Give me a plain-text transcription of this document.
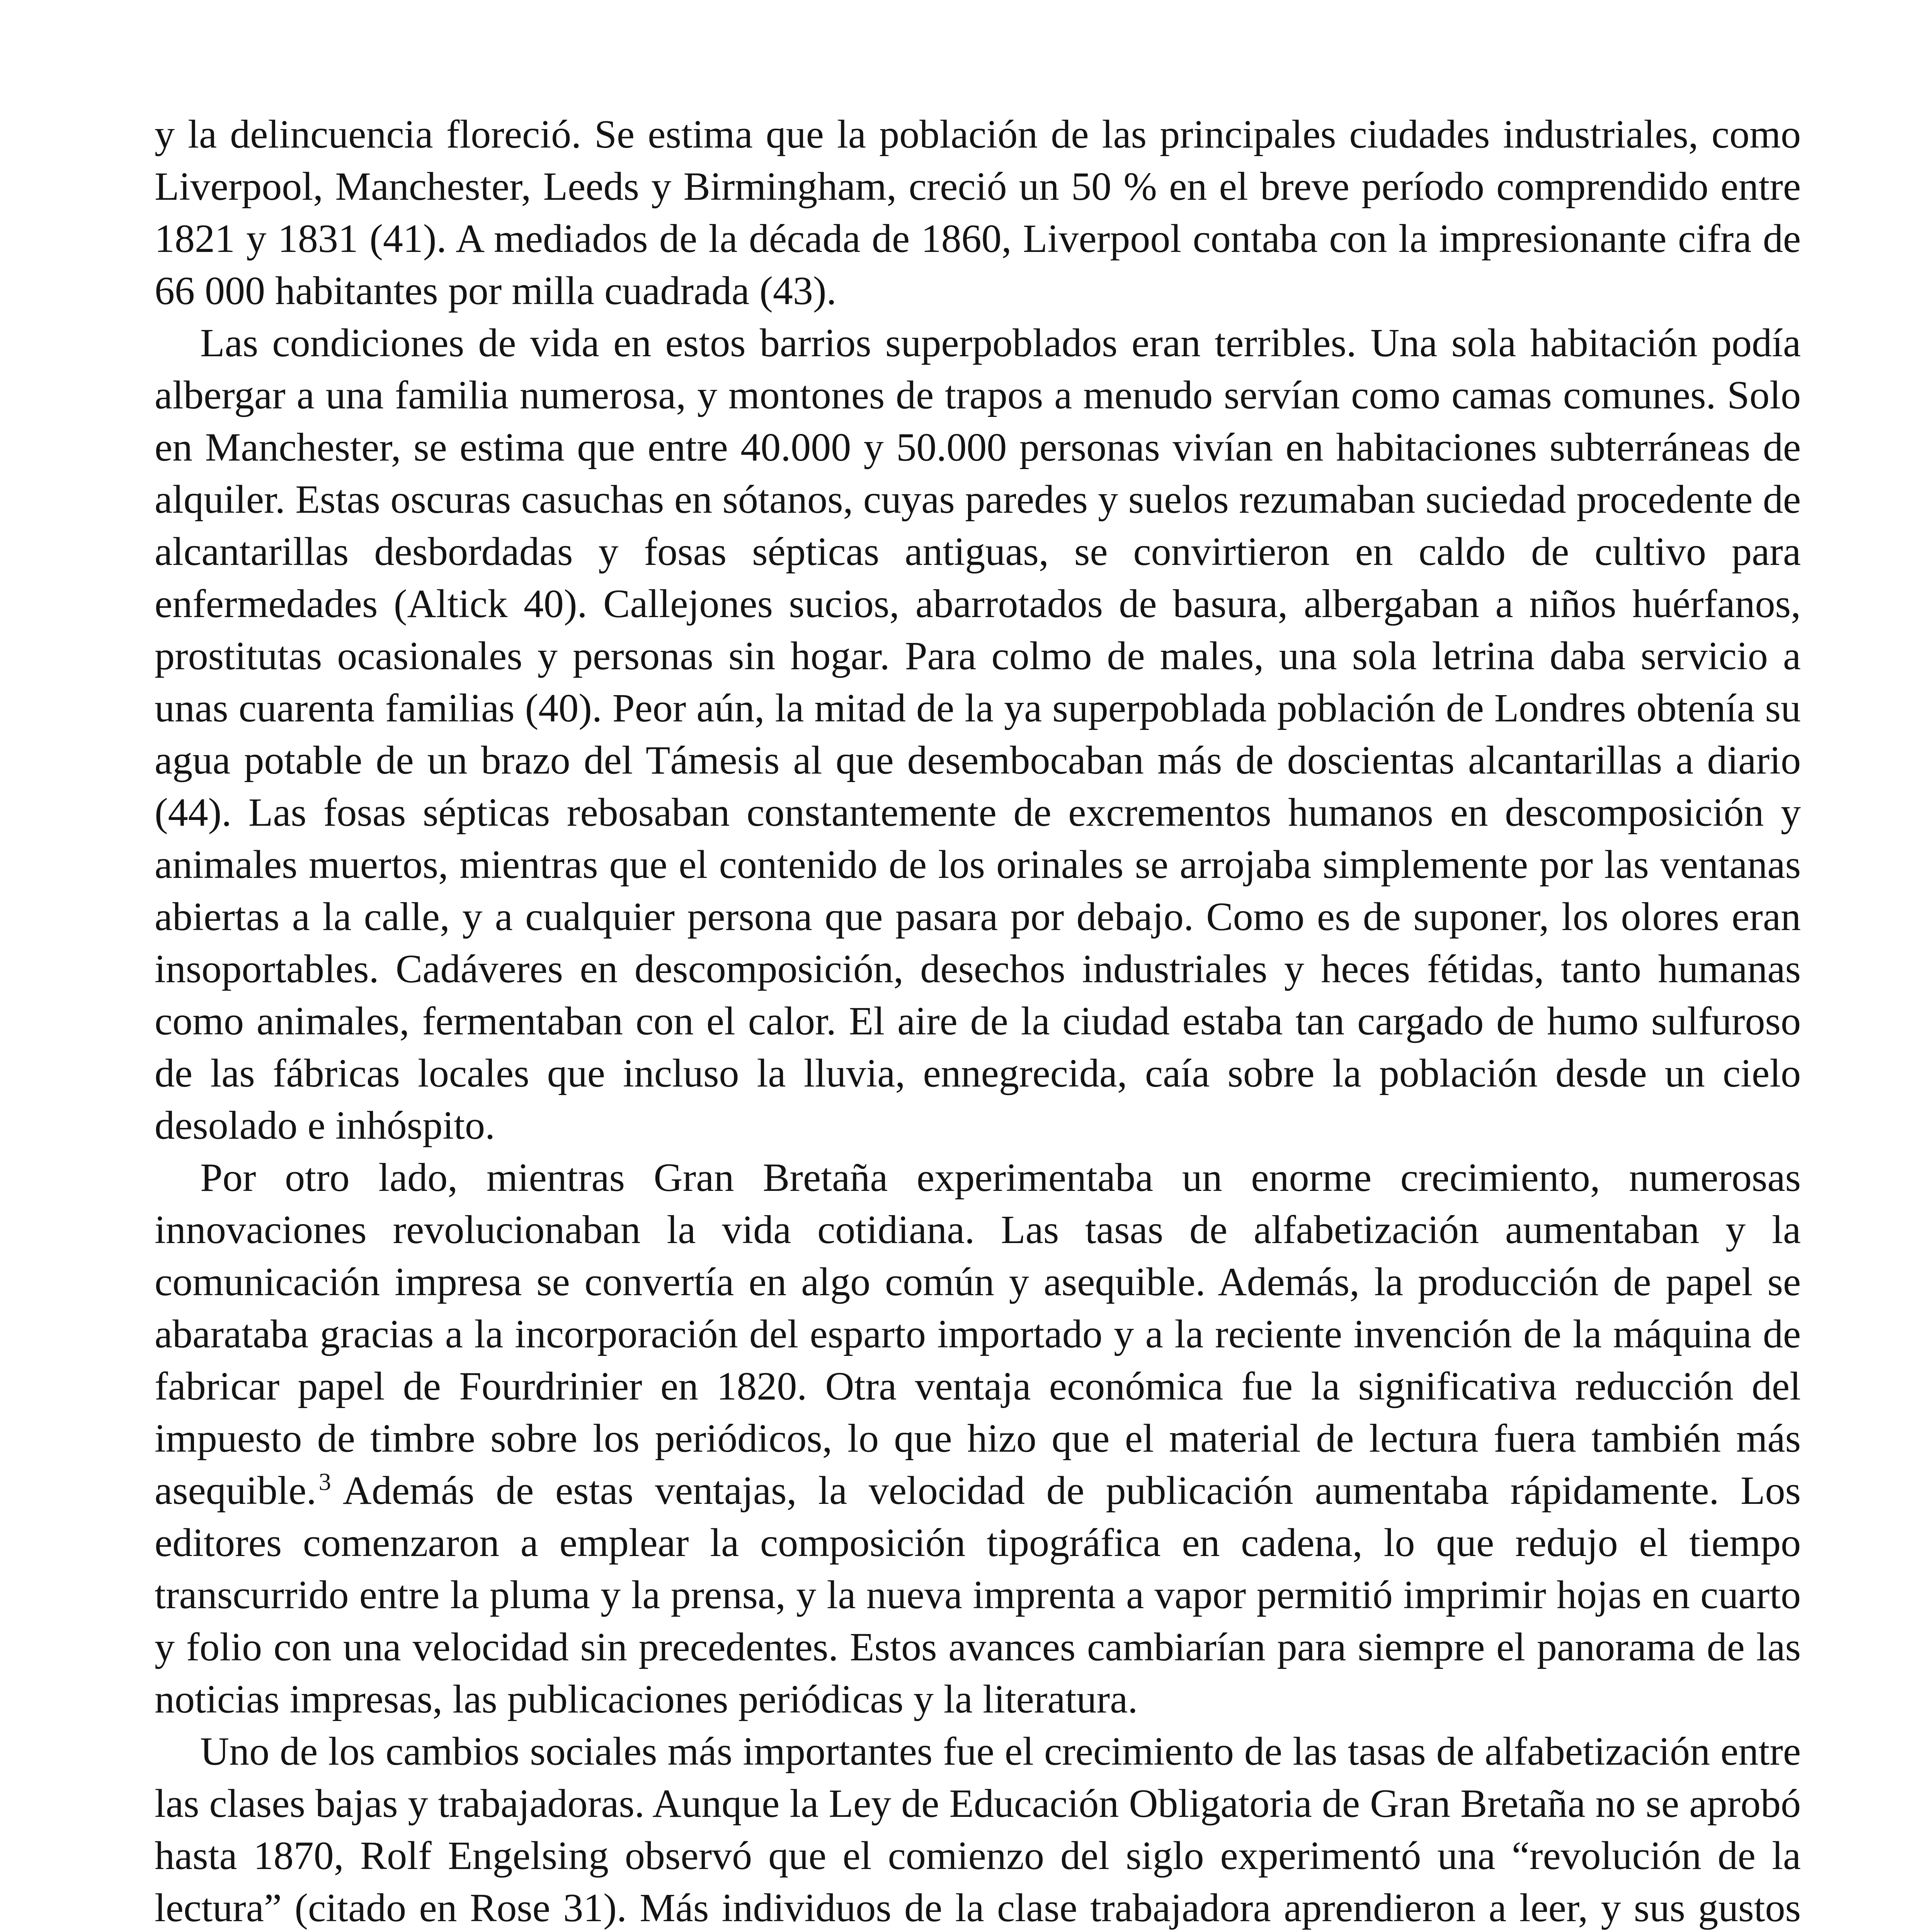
y la delincuencia floreció. Se estima que la población de las principales ciudades industriales, como Liverpool, Manchester, Leeds y Birmingham, creció un 50 % en el breve período comprendido entre 1821 y 1831 (41). A mediados de la década de 1860, Liverpool contaba con la impresionante cifra de 66 000 habitantes por milla cuadrada (43).

Las condiciones de vida en estos barrios superpoblados eran terribles. Una sola habitación podía albergar a una familia numerosa, y montones de trapos a menudo servían como camas comunes. Solo en Manchester, se estima que entre 40.000 y 50.000 personas vivían en habitaciones subterráneas de alquiler. Estas oscuras casuchas en sótanos, cuyas paredes y suelos rezumaban suciedad procedente de alcantarillas desbordadas y fosas sépticas antiguas, se convirtieron en caldo de cultivo para enfermedades (Altick 40). Callejones sucios, abarrotados de basura, albergaban a niños huérfanos, prostitutas ocasionales y personas sin hogar. Para colmo de males, una sola letrina daba servicio a unas cuarenta familias (40). Peor aún, la mitad de la ya superpoblada población de Londres obtenía su agua potable de un brazo del Támesis al que desembocaban más de doscientas alcantarillas a diario (44). Las fosas sépticas rebosaban constantemente de excrementos humanos en descomposición y animales muertos, mientras que el contenido de los orinales se arrojaba simplemente por las ventanas abiertas a la calle, y a cualquier persona que pasara por debajo. Como es de suponer, los olores eran insoportables. Cadáveres en descomposición, desechos industriales y heces fétidas, tanto humanas como animales, fermentaban con el calor. El aire de la ciudad estaba tan cargado de humo sulfuroso de las fábricas locales que incluso la lluvia, ennegrecida, caía sobre la población desde un cielo desolado e inhóspito.

Por otro lado, mientras Gran Bretaña experimentaba un enorme crecimiento, numerosas innovaciones revolucionaban la vida cotidiana. Las tasas de alfabetización aumentaban y la comunicación impresa se convertía en algo común y asequible. Además, la producción de papel se abarataba gracias a la incorporación del esparto importado y a la reciente invención de la máquina de fabricar papel de Fourdrinier en 1820. Otra ventaja económica fue la significativa reducción del impuesto de timbre sobre los periódicos, lo que hizo que el material de lectura fuera también más asequible.$^3$ Además de estas ventajas, la velocidad de publicación aumentaba rápidamente. Los editores comenzaron a emplear la composición tipográfica en cadena, lo que redujo el tiempo transcurrido entre la pluma y la prensa, y la nueva imprenta a vapor permitió imprimir hojas en cuarto y folio con una velocidad sin precedentes. Estos avances cambiarían para siempre el panorama de las noticias impresas, las publicaciones periódicas y la literatura.

Uno de los cambios sociales más importantes fue el crecimiento de las tasas de alfabetización entre las clases bajas y trabajadoras. Aunque la Ley de Educación Obligatoria de Gran Bretaña no se aprobó hasta 1870, Rolf Engelsing observó que el comienzo del siglo experimentó una “revolución de la lectura” (citado en Rose 31). Más individuos de la clase trabajadora aprendieron a leer, y sus gustos
